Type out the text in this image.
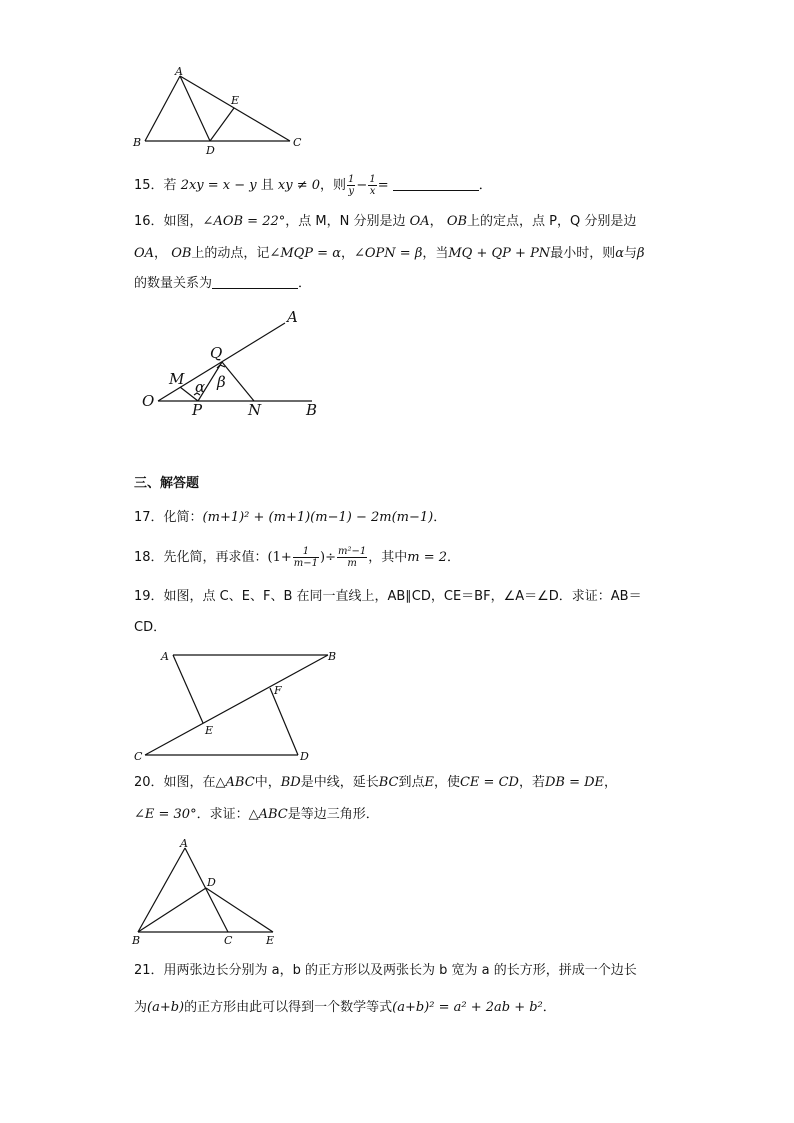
A
B	C
D
E
15．若 2xy = x − y 且 xy ≠ 0，则 $\frac{1}{y} - \frac{1}{x}$ =	．
16．如图，∠AOB = 22°，点 M，N 分别是边 OA， OB上的定点，点 P，Q 分别是边
OA， OB上的动点，记∠MQP = α，∠OPN = β，当MQ + QP + PN最小时，则α与β
的数量关系为	．
O
A
B
M
P
Q
N
α β
三、解答题
17．化简：(m+1)² + (m+1)(m−1) − 2m(m−1)．
18．先化简，再求值：($1+ \frac{1}{m-1}$ )÷ $\frac{\text{m²−1}}{m}$ ，其中m = 2．
19．如图，点 C、E、F、B 在同一直线上，AB∥CD，CE＝BF，∠A＝∠D．求证：AB＝
CD．
A	B
C	D
E
F
20．如图，在△ABC中，BD是中线，延长BC到点E，使CE = CD，若DB = DE，
∠E = 30°．求证：△ABC是等边三角形．
A
B	C
D
E
21．用两张边长分别为 a，b 的正方形以及两张长为 b 宽为 a 的长方形，拼成一个边长
为(a+b)的正方形由此可以得到一个数学等式(a+b)² = a² + 2ab + b²．
